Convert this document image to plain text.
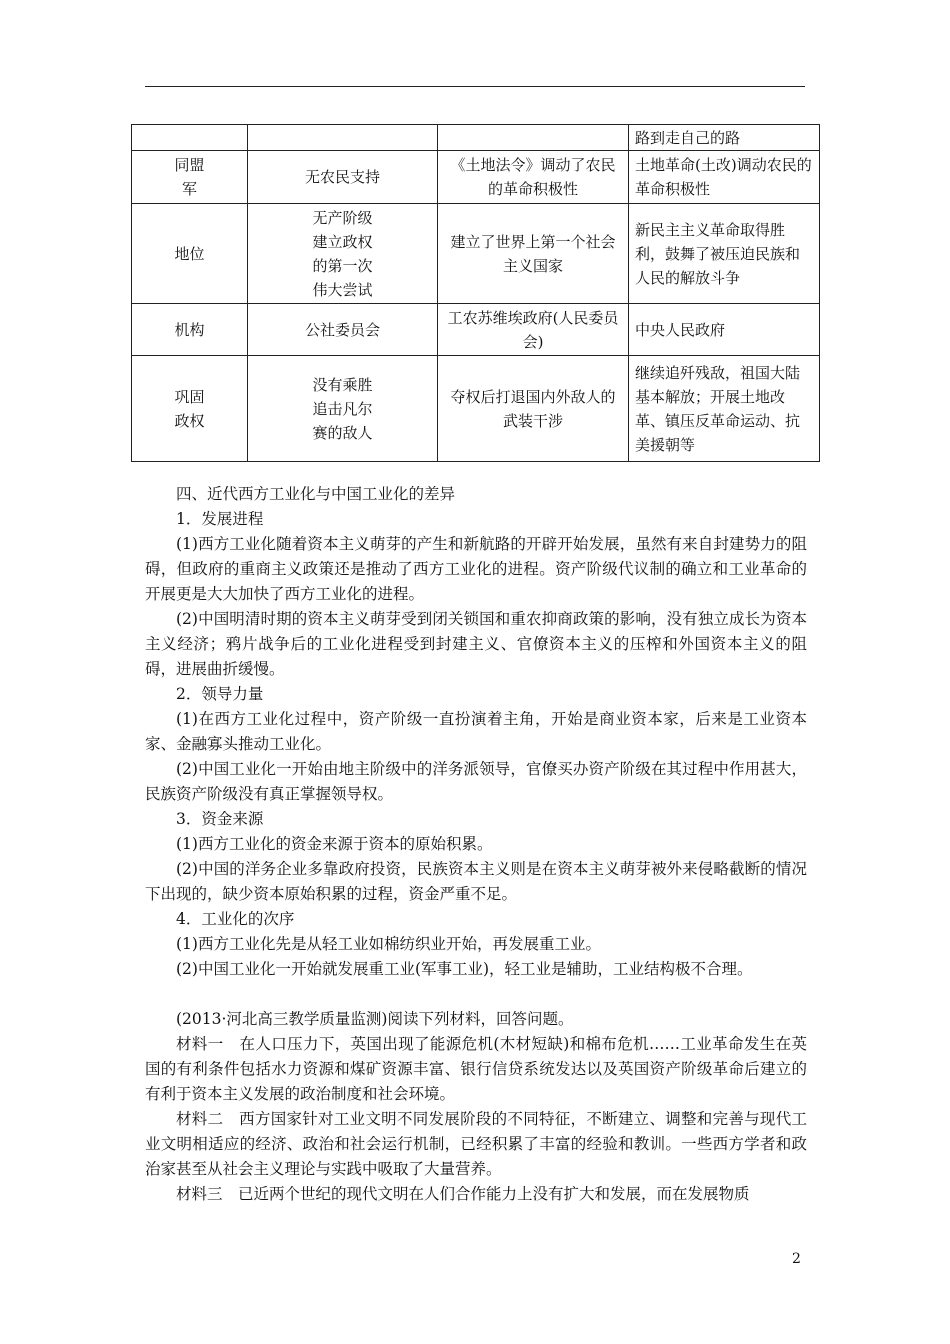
			路到走自己的路
同盟军	无农民支持	《土地法令》调动了农民的革命积极性	土地革命(土改)调动农民的革命积极性
地位	无产阶级建立政权的第一次伟大尝试	建立了世界上第一个社会主义国家	新民主主义革命取得胜利，鼓舞了被压迫民族和人民的解放斗争
机构	公社委员会	工农苏维埃政府(人民委员会)	中央人民政府
巩固政权	没有乘胜追击凡尔赛的敌人	夺权后打退国内外敌人的武装干涉	继续追歼残敌，祖国大陆基本解放；开展土地改革、镇压反革命运动、抗美援朝等

四、近代西方工业化与中国工业化的差异

1．发展进程

(1)西方工业化随着资本主义萌芽的产生和新航路的开辟开始发展，虽然有来自封建势力的阻碍，但政府的重商主义政策还是推动了西方工业化的进程。资产阶级代议制的确立和工业革命的开展更是大大加快了西方工业化的进程。

(2)中国明清时期的资本主义萌芽受到闭关锁国和重农抑商政策的影响，没有独立成长为资本主义经济；鸦片战争后的工业化进程受到封建主义、官僚资本主义的压榨和外国资本主义的阻碍，进展曲折缓慢。

2．领导力量

(1)在西方工业化过程中，资产阶级一直扮演着主角，开始是商业资本家，后来是工业资本家、金融寡头推动工业化。

(2)中国工业化一开始由地主阶级中的洋务派领导，官僚买办资产阶级在其过程中作用甚大，民族资产阶级没有真正掌握领导权。

3．资金来源

(1)西方工业化的资金来源于资本的原始积累。

(2)中国的洋务企业多靠政府投资，民族资本主义则是在资本主义萌芽被外来侵略截断的情况下出现的，缺少资本原始积累的过程，资金严重不足。

4．工业化的次序

(1)西方工业化先是从轻工业如棉纺织业开始，再发展重工业。

(2)中国工业化一开始就发展重工业(军事工业)，轻工业是辅助，工业结构极不合理。

(2013·河北高三教学质量监测)阅读下列材料，回答问题。

材料一　在人口压力下，英国出现了能源危机(木材短缺)和棉布危机……工业革命发生在英国的有利条件包括水力资源和煤矿资源丰富、银行信贷系统发达以及英国资产阶级革命后建立的有利于资本主义发展的政治制度和社会环境。

材料二　西方国家针对工业文明不同发展阶段的不同特征，不断建立、调整和完善与现代工业文明相适应的经济、政治和社会运行机制，已经积累了丰富的经验和教训。一些西方学者和政治家甚至从社会主义理论与实践中吸取了大量营养。

材料三　已近两个世纪的现代文明在人们合作能力上没有扩大和发展，而在发展物质

2
